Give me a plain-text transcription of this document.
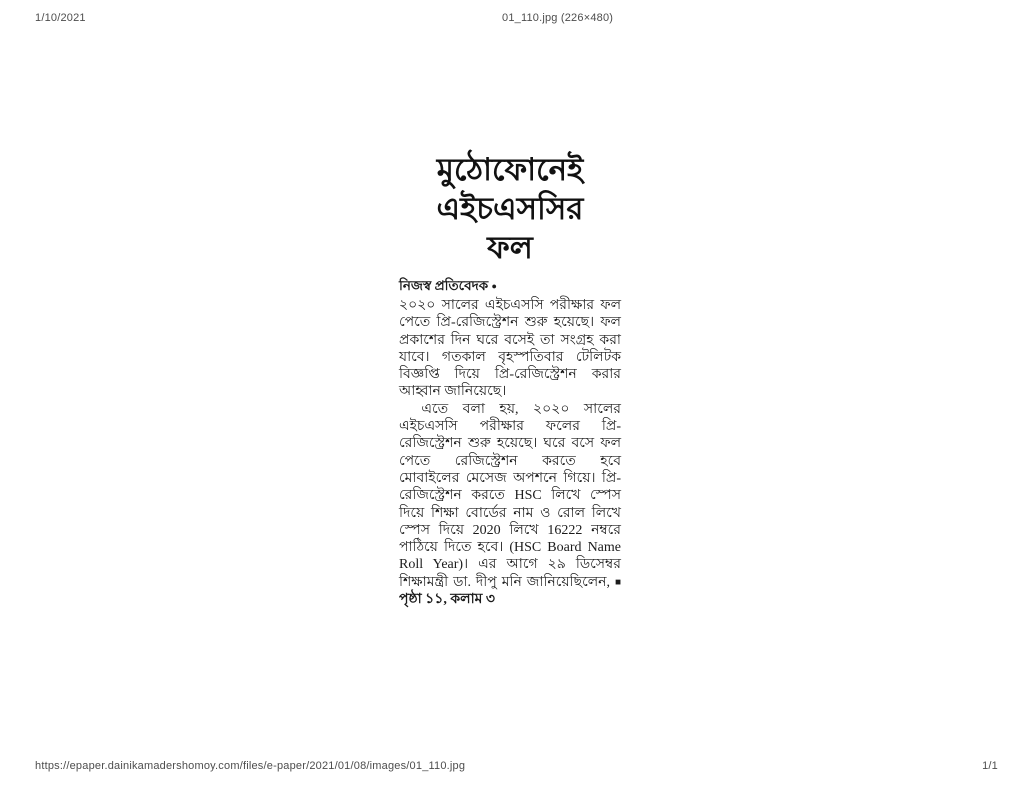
1/10/2021	01_110.jpg (226×480)
মুঠোফোনেই
এইচএসসির
ফল
নিজস্ব প্রতিবেদক ●

২০২০ সালের এইচএসসি পরীক্ষার ফল পেতে প্রি-রেজিস্ট্রেশন শুরু হয়েছে। ফল প্রকাশের দিন ঘরে বসেই তা সংগ্রহ করা যাবে। গতকাল বৃহস্পতিবার টেলিটক বিজ্ঞপ্তি দিয়ে প্রি-রেজিস্ট্রেশন করার আহ্বান জানিয়েছে।

এতে বলা হয়, ২০২০ সালের এইচএসসি পরীক্ষার ফলের প্রি-রেজিস্ট্রেশন শুরু হয়েছে। ঘরে বসে ফল পেতে রেজিস্ট্রেশন করতে হবে মোবাইলের মেসেজ অপশনে গিয়ে। প্রি-রেজিস্ট্রেশন করতে HSC লিখে স্পেস দিয়ে শিক্ষা বোর্ডের নাম ও রোল লিখে স্পেস দিয়ে 2020 লিখে 16222 নম্বরে পাঠিয়ে দিতে হবে। (HSC Board Name Roll Year)। এর আগে ২৯ ডিসেম্বর শিক্ষামন্ত্রী ডা. দীপু মনি জানিয়েছিলেন, ■ পৃষ্ঠা ১১, কলাম ৩

https://epaper.dainikamadershomoy.com/files/e-paper/2021/01/08/images/01_110.jpg	1/1
